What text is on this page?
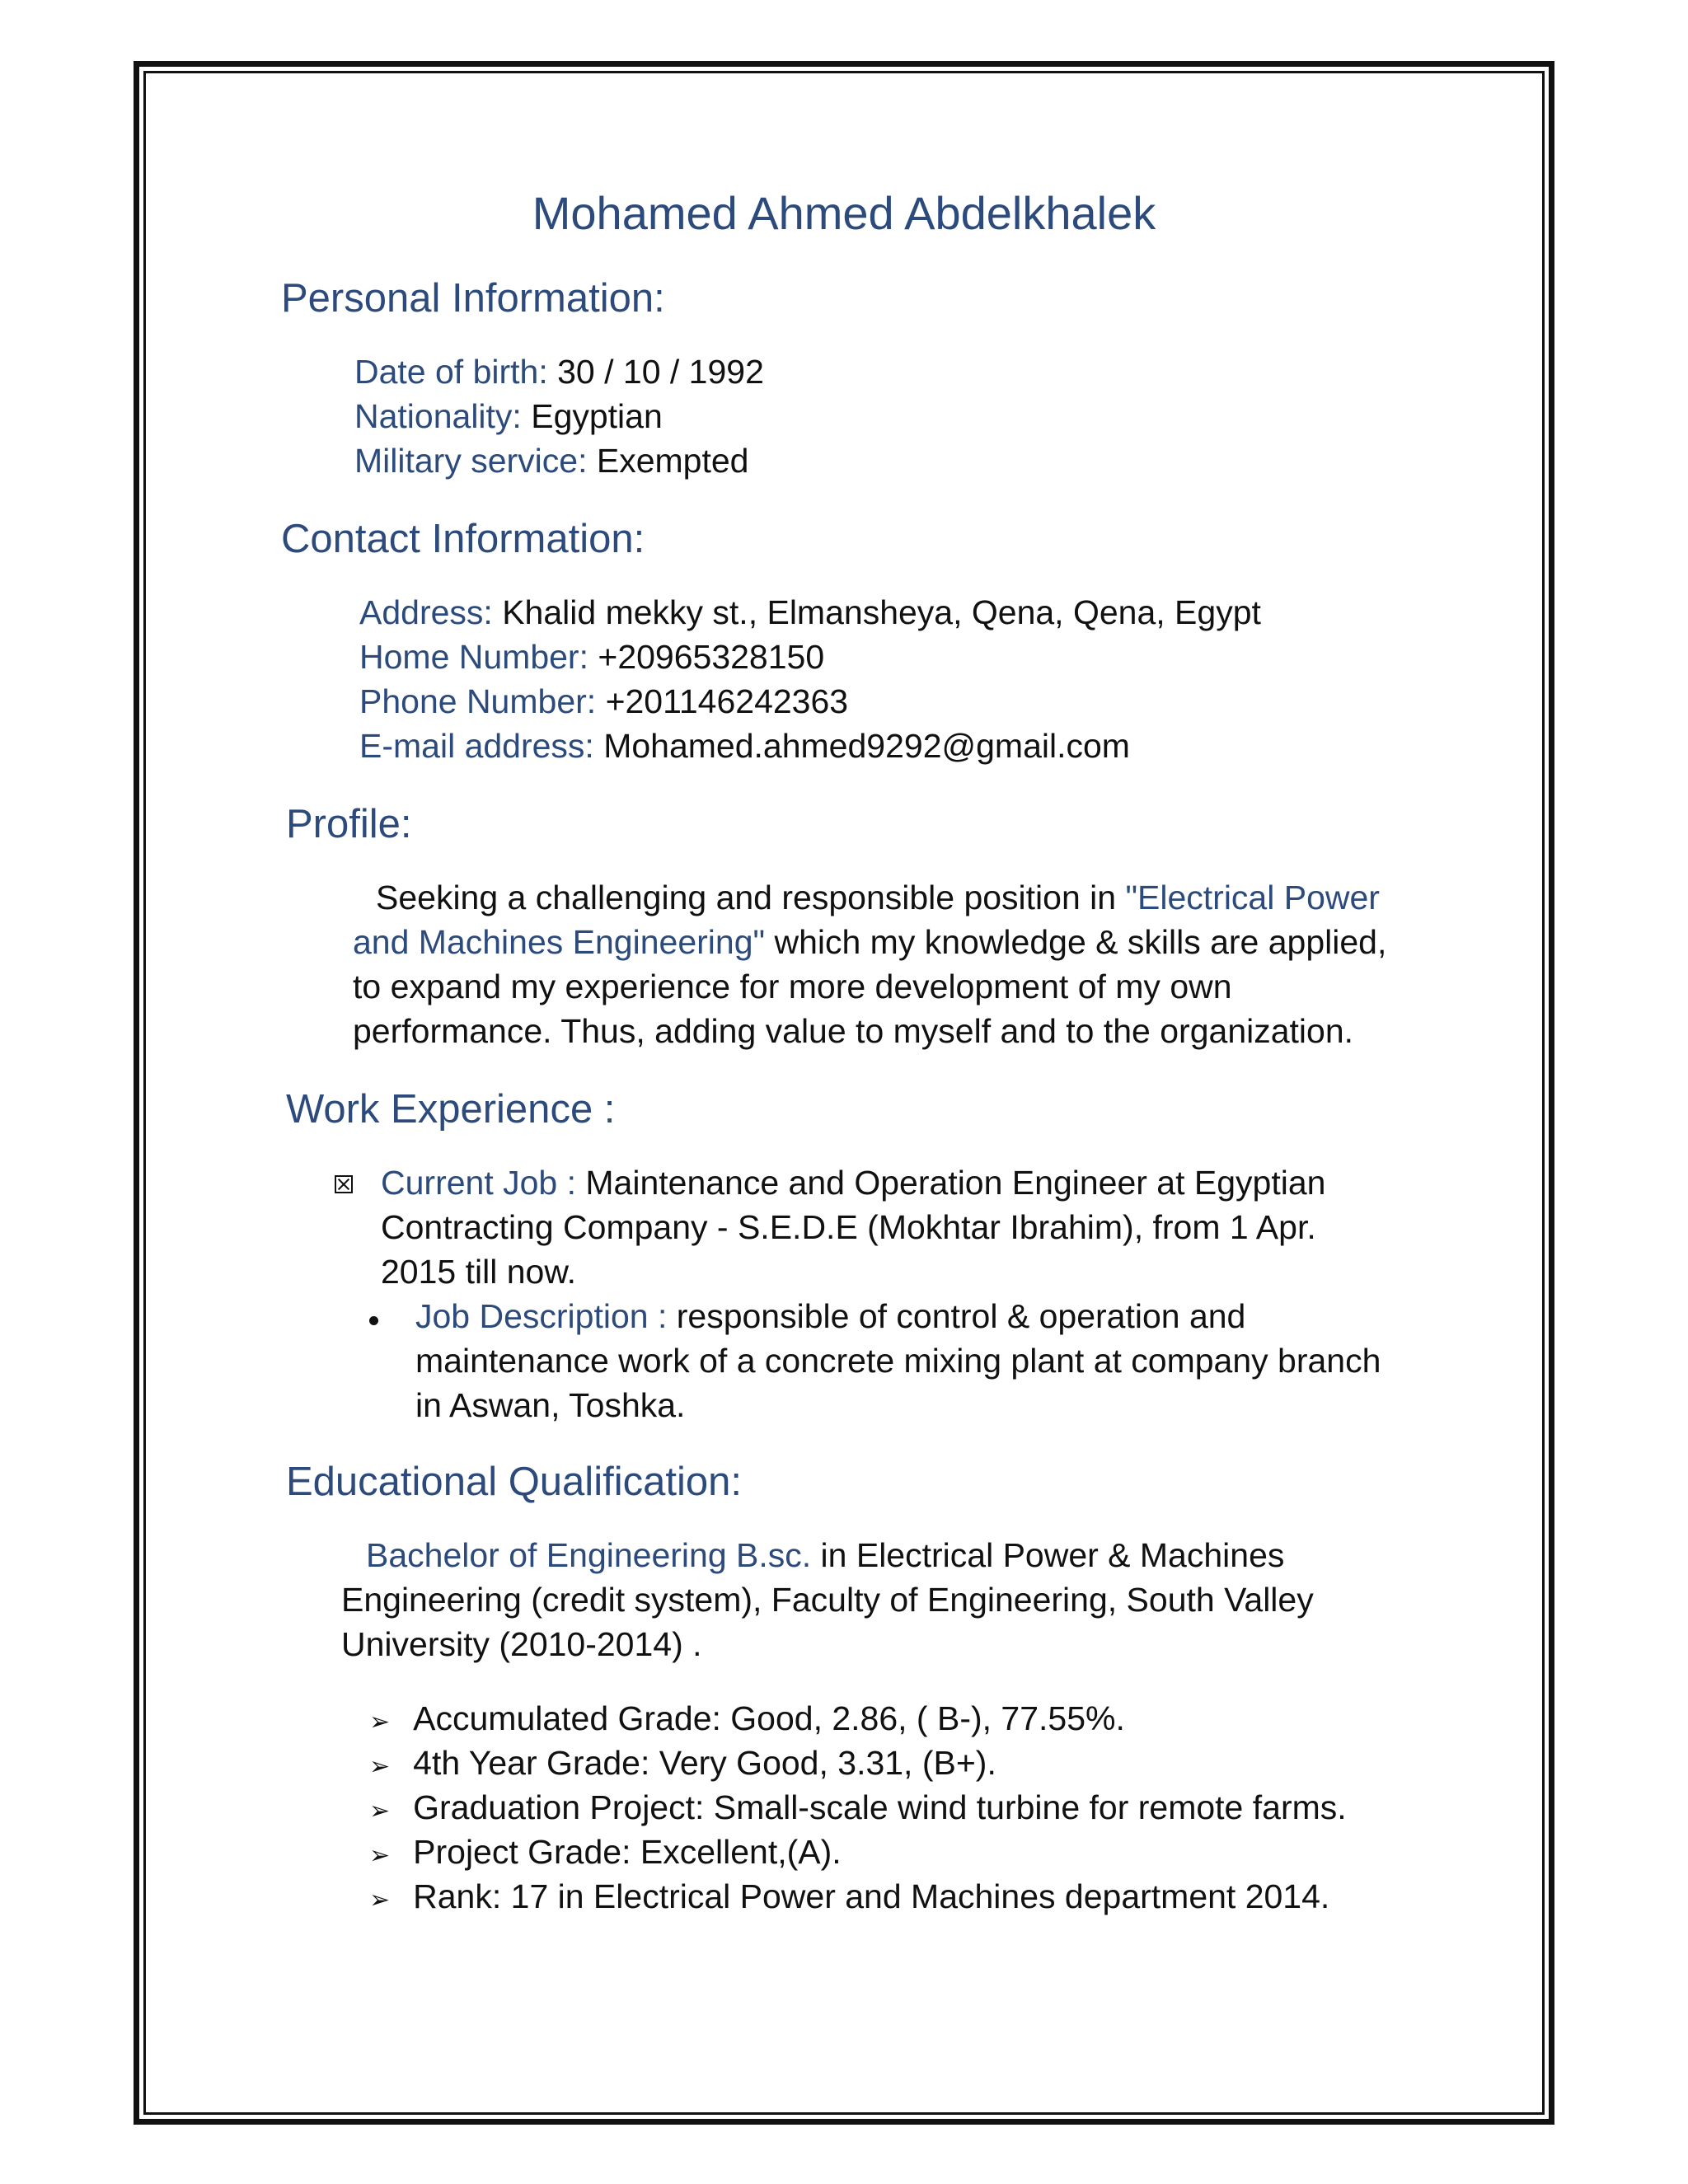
Mohamed Ahmed Abdelkhalek
Personal Information:
Date of birth: 30 / 10 / 1992
Nationality: Egyptian
Military service: Exempted
Contact Information:
Address: Khalid mekky st., Elmansheya, Qena, Qena, Egypt
Home Number: +20965328150
Phone Number: +201146242363
E-mail address: Mohamed.ahmed9292@gmail.com
Profile:
Seeking a challenging and responsible position in "Electrical Power and Machines Engineering" which my knowledge & skills are applied, to expand my experience for more development of my own performance. Thus, adding value to myself and to the organization.
Work Experience :
Current Job : Maintenance and Operation Engineer at Egyptian Contracting Company - S.E.D.E (Mokhtar Ibrahim), from 1 Apr. 2015 till now.
Job Description : responsible of control & operation and maintenance work of a concrete mixing plant at company branch in Aswan, Toshka.
Educational Qualification:
Bachelor of Engineering B.sc. in Electrical Power & Machines Engineering (credit system), Faculty of Engineering, South Valley University (2010-2014) .
➢ Accumulated Grade: Good, 2.86, ( B-), 77.55%.
➢ 4th Year Grade: Very Good, 3.31, (B+).
➢ Graduation Project: Small-scale wind turbine for remote farms.
➢ Project Grade: Excellent,(A).
➢ Rank: 17 in Electrical Power and Machines department 2014.
